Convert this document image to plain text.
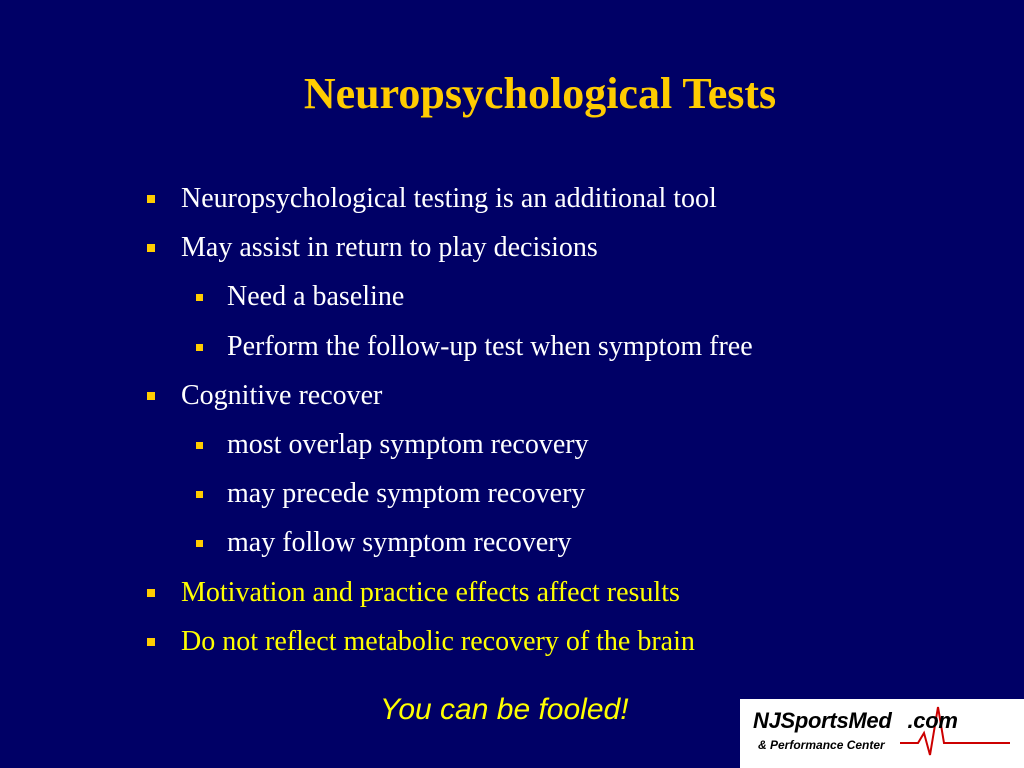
Neuropsychological Tests
Neuropsychological testing is an additional tool
May assist in return to play decisions
Need a baseline
Perform the follow-up test when symptom free
Cognitive recover
most overlap symptom recovery
may precede symptom recovery
may follow symptom recovery
Motivation and practice effects affect results
Do not reflect metabolic recovery of the brain
You can be fooled!	NJSportsMed .com
& Performance Center
